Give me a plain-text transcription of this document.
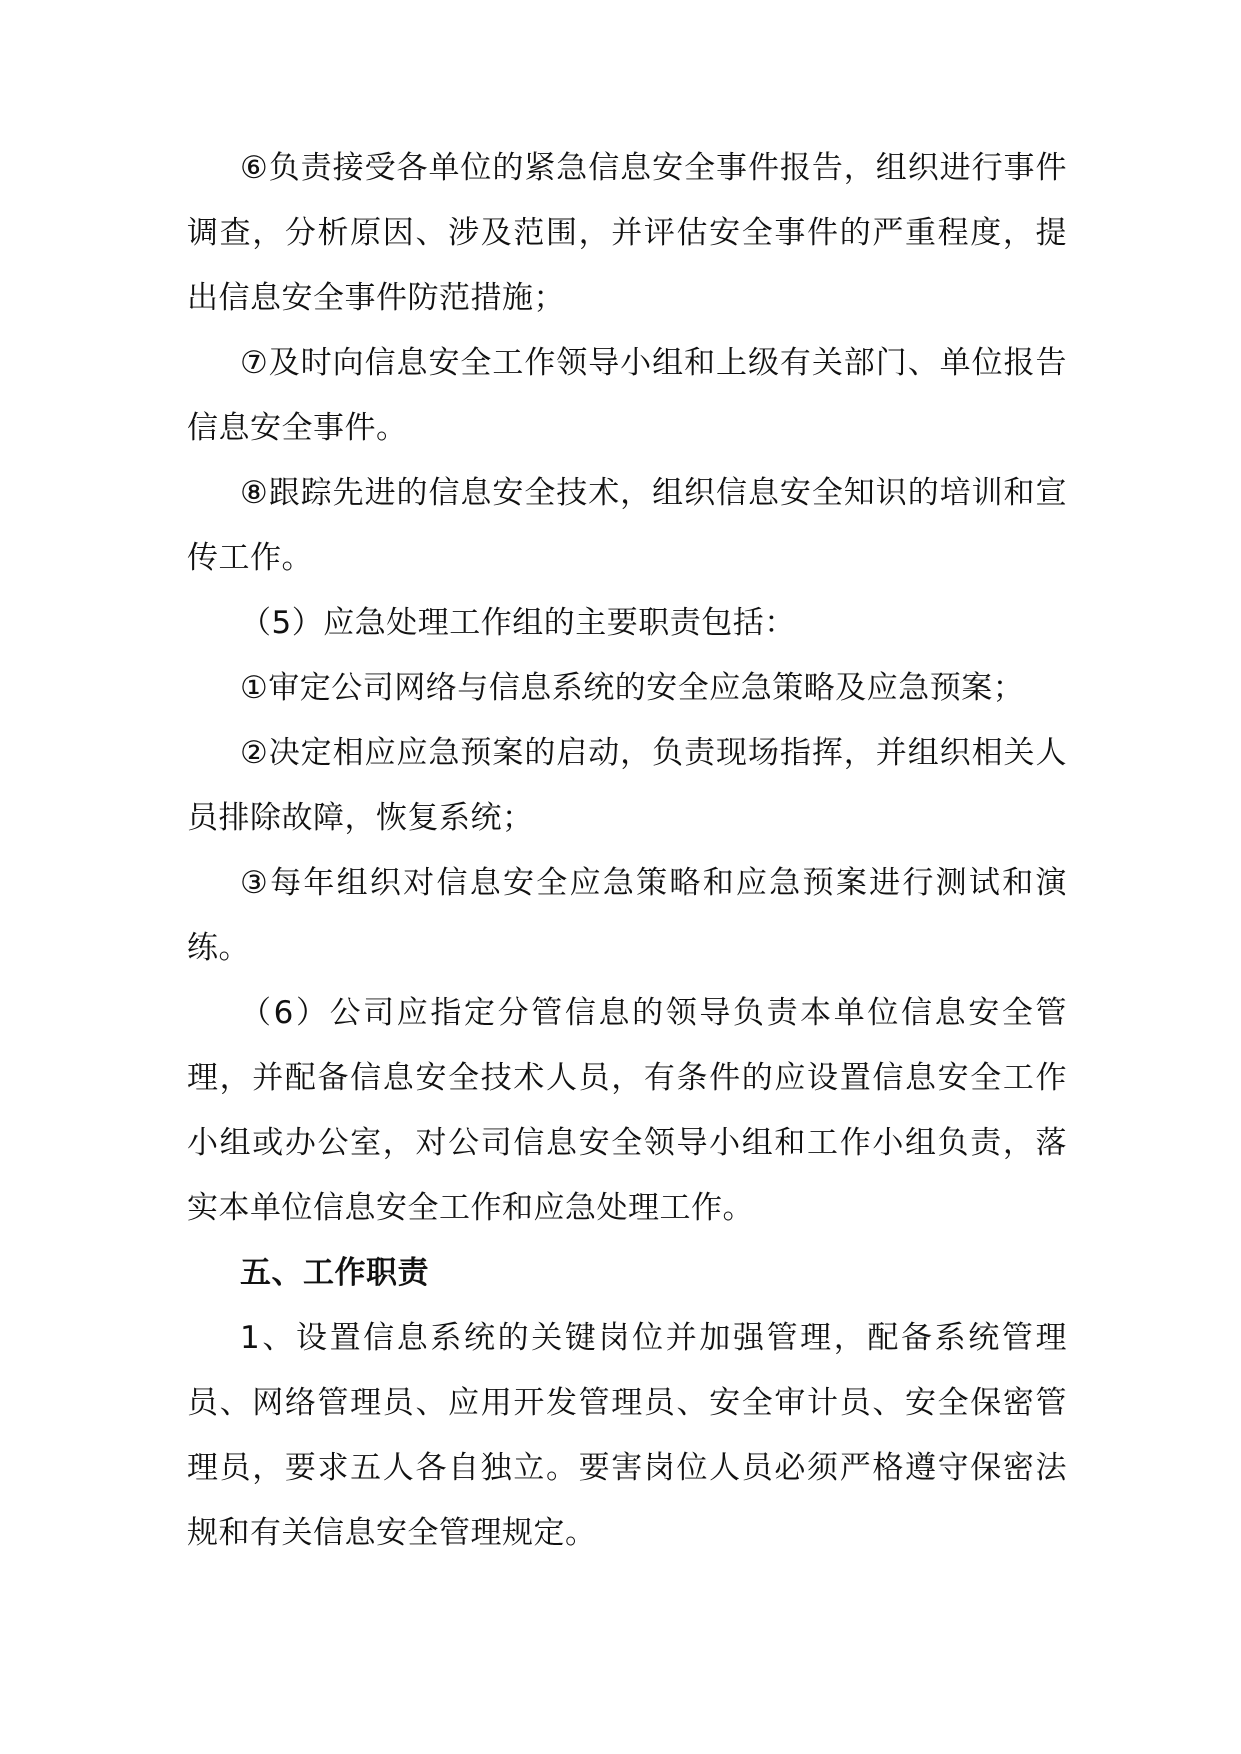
⑥负责接受各单位的紧急信息安全事件报告，组织进行事件调查，分析原因、涉及范围，并评估安全事件的严重程度，提出信息安全事件防范措施；

⑦及时向信息安全工作领导小组和上级有关部门、单位报告信息安全事件。

⑧跟踪先进的信息安全技术，组织信息安全知识的培训和宣传工作。

（5）应急处理工作组的主要职责包括：

①审定公司网络与信息系统的安全应急策略及应急预案；

②决定相应应急预案的启动，负责现场指挥，并组织相关人员排除故障，恢复系统；

③每年组织对信息安全应急策略和应急预案进行测试和演练。

（6）公司应指定分管信息的领导负责本单位信息安全管理，并配备信息安全技术人员，有条件的应设置信息安全工作小组或办公室，对公司信息安全领导小组和工作小组负责，落实本单位信息安全工作和应急处理工作。

五、工作职责

1、设置信息系统的关键岗位并加强管理，配备系统管理员、网络管理员、应用开发管理员、安全审计员、安全保密管理员，要求五人各自独立。要害岗位人员必须严格遵守保密法规和有关信息安全管理规定。
